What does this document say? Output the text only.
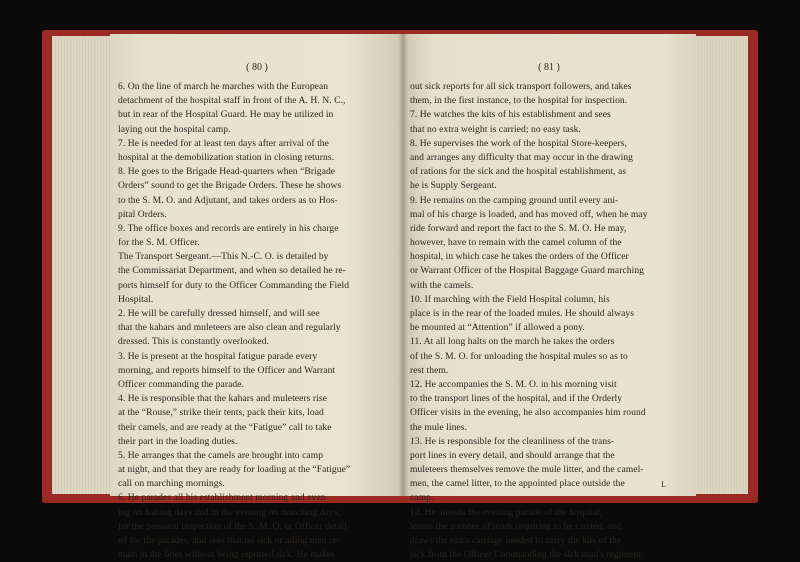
( 80 )
6. On the line of march he marches with the European
detachment of the hospital staff in front of the A. H. N. C.,
but in rear of the Hospital Guard. He may be utilized in
laying out the hospital camp.
7. He is needed for at least ten days after arrival of the
hospital at the demobilization station in closing returns.
8. He goes to the Brigade Head-quarters when “Brigade
Orders” sound to get the Brigade Orders. These he shows
to the S. M. O. and Adjutant, and takes orders as to Hos-
pital Orders.
9. The office boxes and records are entirely in his charge
for the S. M. Officer.
The Transport Sergeant.—This N.-C. O. is detailed by
the Commissariat Department, and when so detailed he re-
ports himself for duty to the Officer Commanding the Field
Hospital.
2. He will be carefully dressed himself, and will see
that the kahars and muleteers are also clean and regularly
dressed. This is constantly overlooked.
3. He is present at the hospital fatigue parade every
morning, and reports himself to the Officer and Warrant
Officer commanding the parade.
4. He is responsible that the kahars and muleteers rise
at the “Rouse,” strike their tents, pack their kits, load
their camels, and are ready at the “Fatigue” call to take
their part in the loading duties.
5. He arranges that the camels are brought into camp
at night, and that they are ready for loading at the “Fatigue”
call on marching mornings.
6. He parades all his establishment morning and even-
ing on halting days and in the evening on marching days,
for the personal inspection of the S. M. O. or Officer detail-
ed for the parades, and sees that no sick or ailing men re-
main in the lines without being reported sick. He makes
( 81 )
out sick reports for all sick transport followers, and takes
them, in the first instance, to the hospital for inspection.
7. He watches the kits of his establishment and sees
that no extra weight is carried; no easy task.
8. He supervises the work of the hospital Store-keepers,
and arranges any difficulty that may occur in the drawing
of rations for the sick and the hospital establishment, as
he is Supply Sergeant.
9. He remains on the camping ground until every ani-
mal of his charge is loaded, and has moved off, when he may
ride forward and report the fact to the S. M. O. He may,
however, have to remain with the camel column of the
hospital, in which case he takes the orders of the Officer
or Warrant Officer of the Hospital Baggage Guard marching
with the camels.
10. If marching with the Field Hospital column, his
place is in the rear of the loaded mules. He should always
be mounted at “Attention” if allowed a pony.
11. At all long halts on the march he takes the orders
of the S. M. O. for unloading the hospital mules so as to
rest them.
12. He accompanies the S. M. O. in his morning visit
to the transport lines of the hospital, and if the Orderly
Officer visits in the evening, he also accompanies him round
the mule lines.
13. He is responsible for the cleanliness of the trans-
port lines in every detail, and should arrange that the
muleteers themselves remove the mule litter, and the camel-
men, the camel litter, to the appointed place outside the
camp.
14. He attends the evening parade of the hospital,
learns the number of loads requiring to be carried, and
draws the extra carriage needed to carry the kits of the
sick from the Officer Commanding the sick man's regiment.
L
